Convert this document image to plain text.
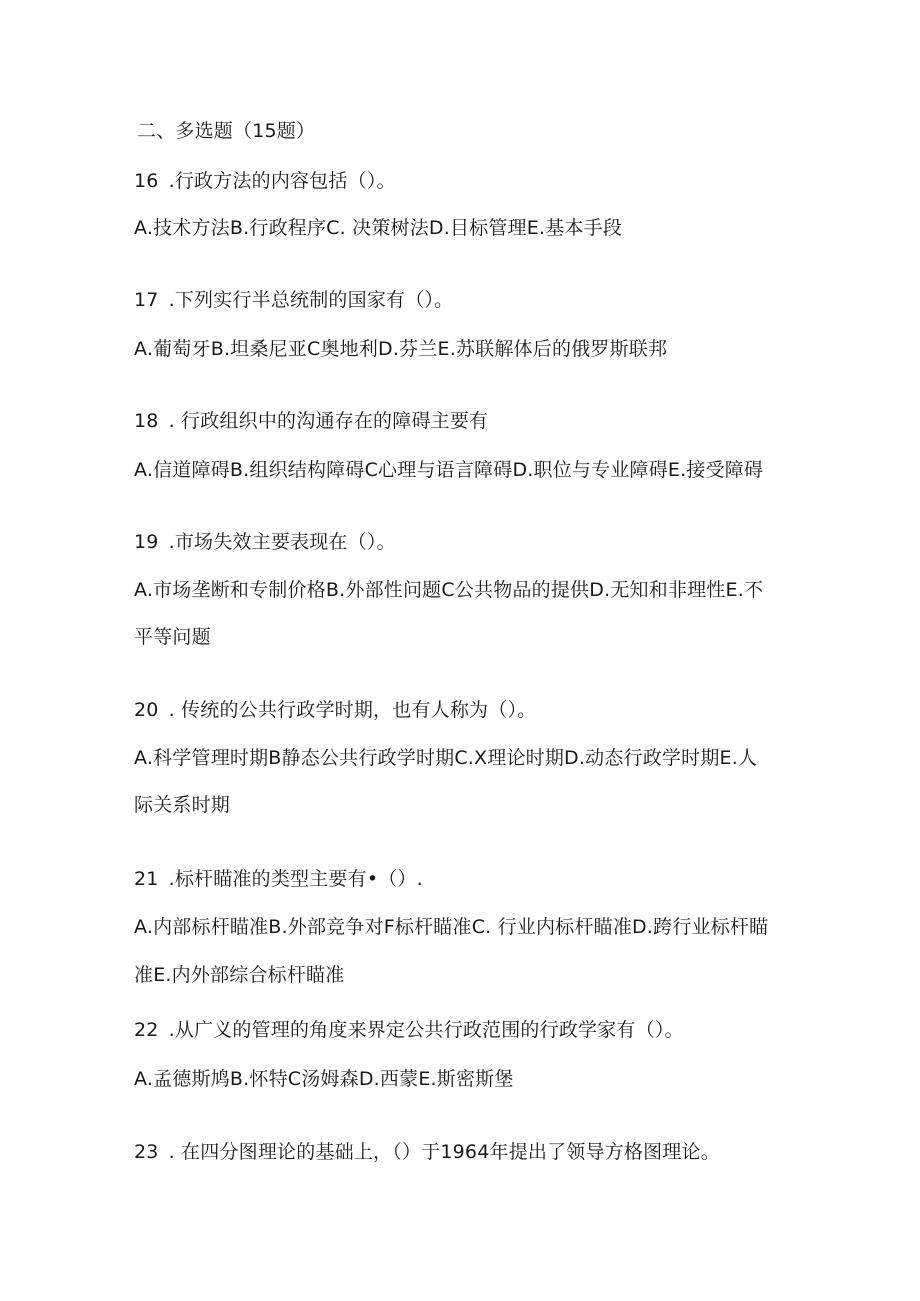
二、多选题（15题）
16 .行政方法的内容包括（）。
A.技术方法B.行政程序C. 决策树法D.目标管理E.基本手段
17 .下列实行半总统制的国家有（）。
A.葡萄牙B.坦桑尼亚C奥地利D.芬兰E.苏联解体后的俄罗斯联邦
18 . 行政组织中的沟通存在的障碍主要有
A.信道障碍B.组织结构障碍C心理与语言障碍D.职位与专业障碍E.接受障碍
19 .市场失效主要表现在（）。
A.市场垄断和专制价格B.外部性问题C公共物品的提供D.无知和非理性E.不
平等问题
20 . 传统的公共行政学时期，也有人称为（）。
A.科学管理时期B静态公共行政学时期C.X理论时期D.动态行政学时期E.人
际关系时期
21 .标杆瞄准的类型主要有•（）.
A.内部标杆瞄准B.外部竞争对F标杆瞄准C. 行业内标杆瞄准D.跨行业标杆瞄
准E.内外部综合标杆瞄准
22 .从广义的管理的角度来界定公共行政范围的行政学家有（）。
A.孟德斯鸠B.怀特C汤姆森D.西蒙E.斯密斯堡
23 . 在四分图理论的基础上，（）于1964年提出了领导方格图理论。
